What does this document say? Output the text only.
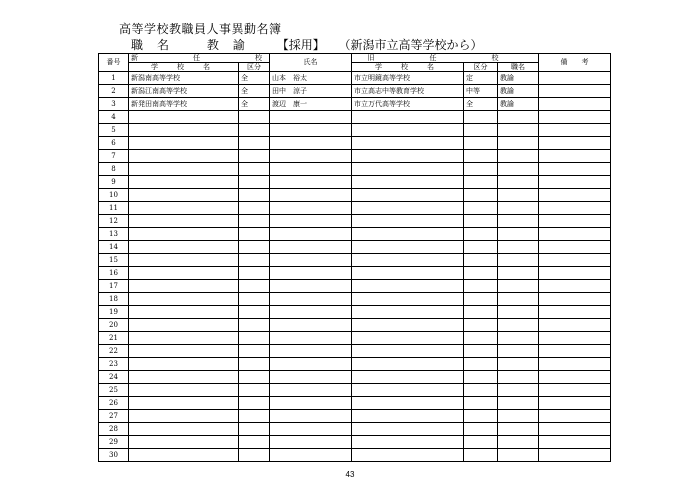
高等学校教職員人事異動名簿
職名 教諭 【採用】 （新潟市立高等学校から）
番号	新　任　校		氏名	旧　任　校			備　　考
	学　校　名	区分		学　校　名	区分	職名	
1	新潟南高等学校	全	山本　裕太	市立明鏡高等学校	定	教諭	
2	新潟江南高等学校	全	田中　涼子	市立高志中等教育学校	中等	教諭	
3	新発田南高等学校	全	渡辺　康一	市立万代高等学校	全	教諭	
4							
5							
6							
7							
8							
9							
10							
11							
12							
13							
14							
15							
16							
17							
18							
19							
20							
21							
22							
23							
24							
25							
26							
27							
28							
29							
30							
43
